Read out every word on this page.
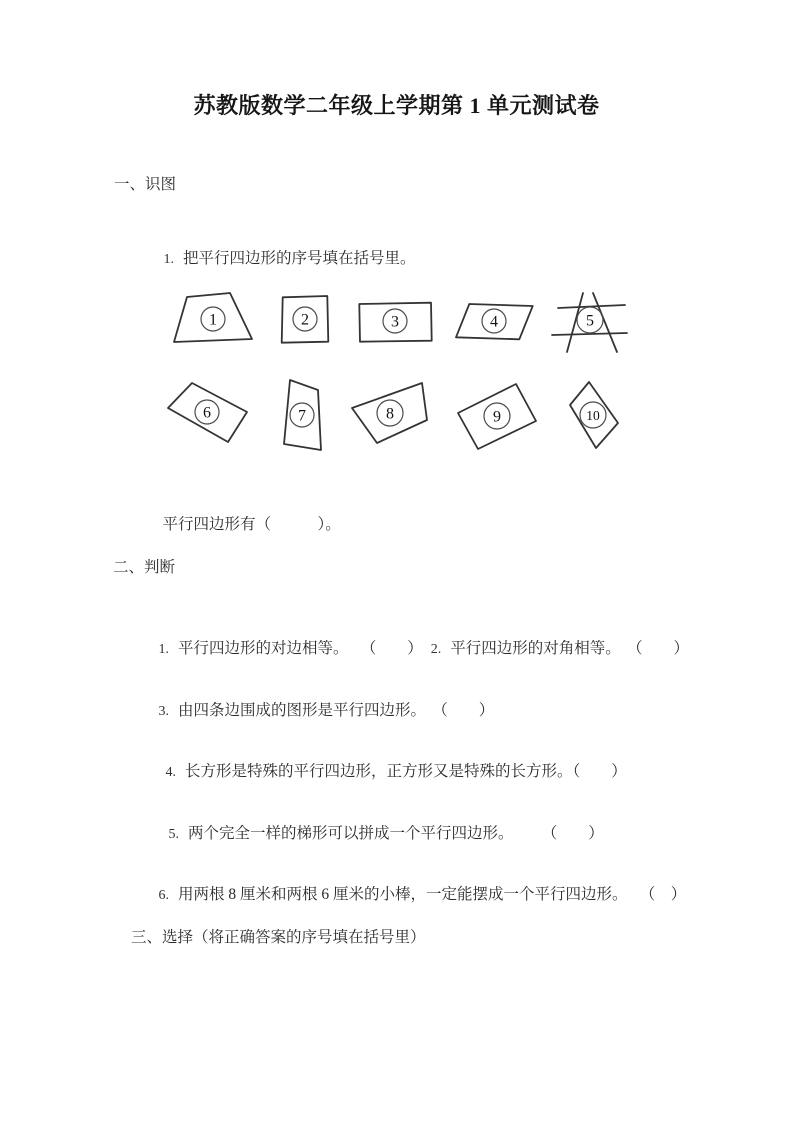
苏教版数学二年级上学期第 1 单元测试卷
一、识图

1. 把平行四边形的序号填在括号里。

1	2	3	4	5
6	7	8	9	10

平行四边形有（　　　）。

二、判断

1. 平行四边形的对边相等。 （　　） 2. 平行四边形的对角相等。 （　　）

3. 由四条边围成的图形是平行四边形。 （　　）

4. 长方形是特殊的平行四边形，正方形又是特殊的长方形。（　　）

5. 两个完全一样的梯形可以拼成一个平行四边形。 （　　）

6. 用两根 8 厘米和两根 6 厘米的小棒，一定能摆成一个平行四边形。 （　）

三、选择（将正确答案的序号填在括号里）
